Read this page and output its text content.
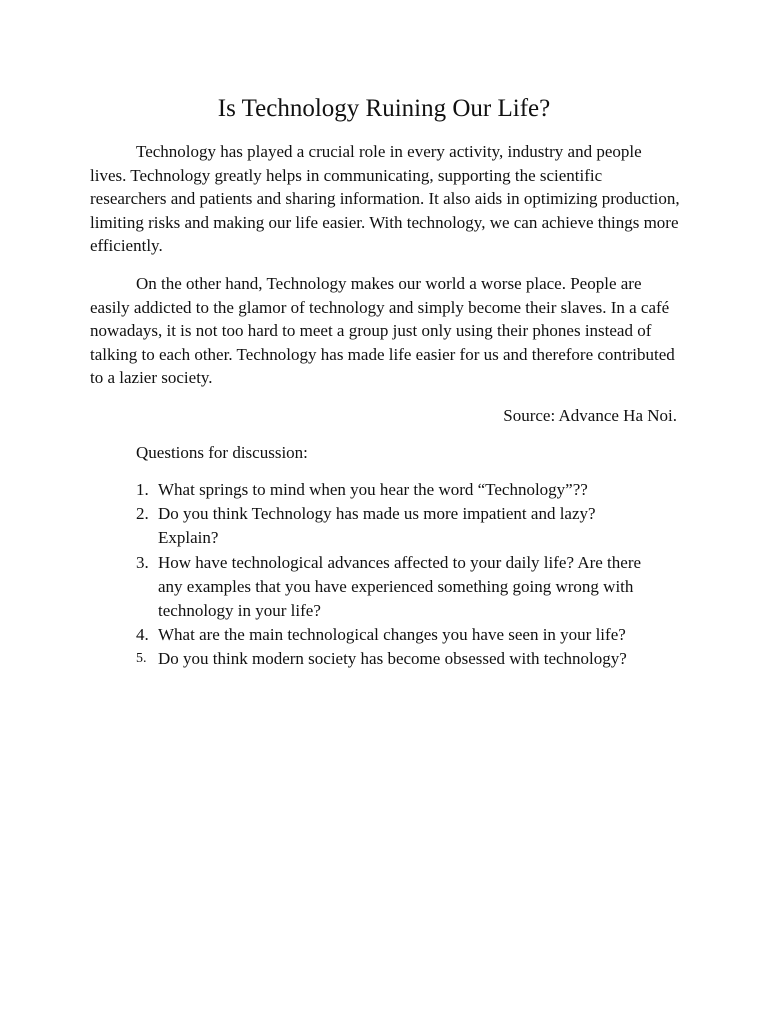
Is Technology Ruining Our Life?

Technology has played a crucial role in every activity, industry and people lives. Technology greatly helps in communicating, supporting the scientific researchers and patients and sharing information. It also aids in optimizing production, limiting risks and making our life easier. With technology, we can achieve things more efficiently.

On the other hand, Technology makes our world a worse place. People are easily addicted to the glamor of technology and simply become their slaves. In a café nowadays, it is not too hard to meet a group just only using their phones instead of talking to each other. Technology has made life easier for us and therefore contributed to a lazier society.

Source: Advance Ha Noi.

Questions for discussion:

1. What springs to mind when you hear the word “Technology”??
2. Do you think Technology has made us more impatient and lazy? Explain?
3. How have technological advances affected to your daily life? Are there any examples that you have experienced something going wrong with technology in your life?
4. What are the main technological changes you have seen in your life?
5. Do you think modern society has become obsessed with technology?
